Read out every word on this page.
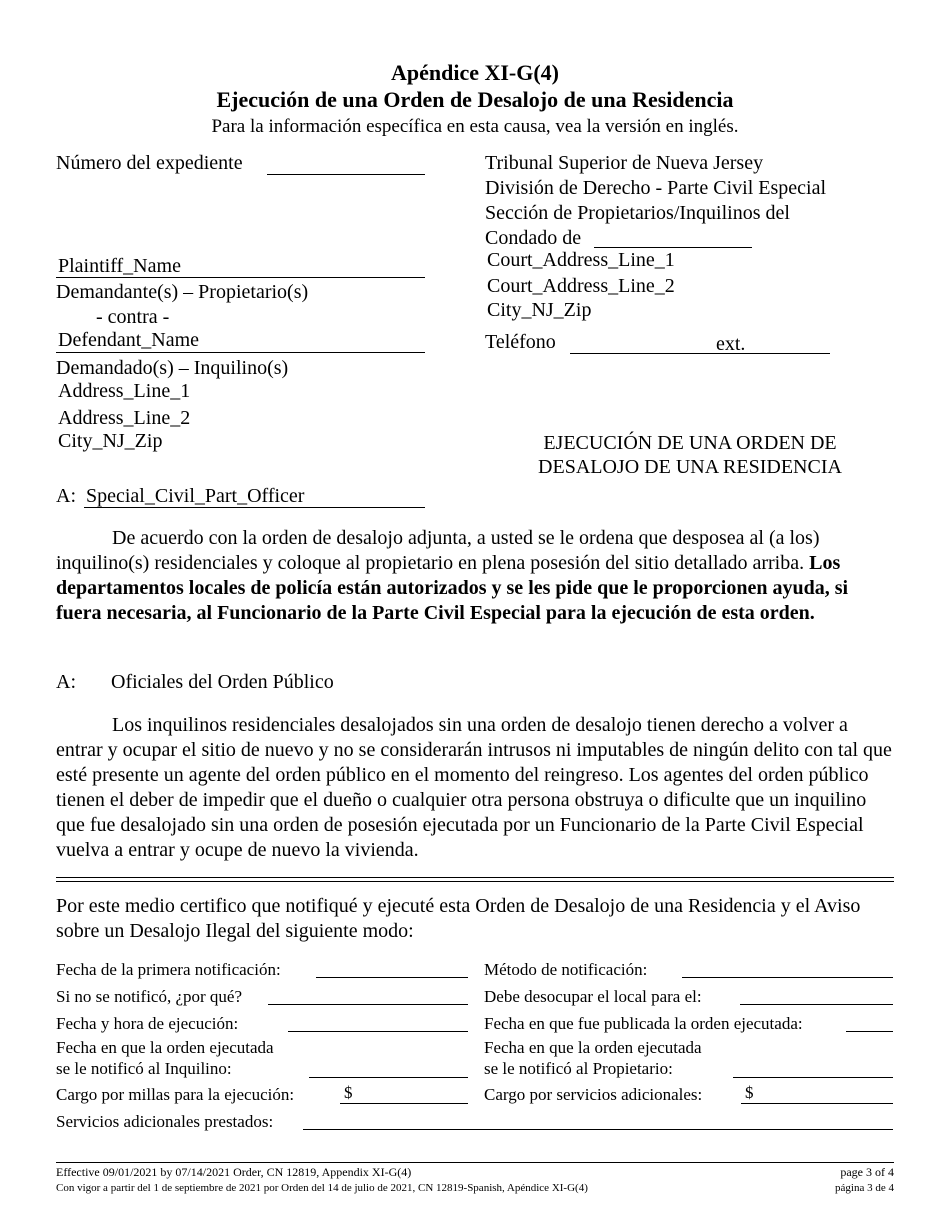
Apéndice XI-G(4)
Ejecución de una Orden de Desalojo de una Residencia
Para la información específica en esta causa, vea la versión en inglés.
Número del expediente
Plaintiff_Name
Demandante(s) – Propietario(s)
- contra -
Defendant_Name
Demandado(s) – Inquilino(s)
Address_Line_1
Address_Line_2
City_NJ_Zip
A: Special_Civil_Part_Officer
Tribunal Superior de Nueva Jersey
División de Derecho - Parte Civil Especial
Sección de Propietarios/Inquilinos del
Condado de
Court_Address_Line_1
Court_Address_Line_2
City_NJ_Zip
Teléfono	ext.
EJECUCIÓN DE UNA ORDEN DE
DESALOJO DE UNA RESIDENCIA

De acuerdo con la orden de desalojo adjunta, a usted se le ordena que desposea al (a los) inquilino(s) residenciales y coloque al propietario en plena posesión del sitio detallado arriba. Los departamentos locales de policía están autorizados y se les pide que le proporcionen ayuda, si fuera necesaria, al Funcionario de la Parte Civil Especial para la ejecución de esta orden.

A: Oficiales del Orden Público

Los inquilinos residenciales desalojados sin una orden de desalojo tienen derecho a volver a entrar y ocupar el sitio de nuevo y no se considerarán intrusos ni imputables de ningún delito con tal que esté presente un agente del orden público en el momento del reingreso. Los agentes del orden público tienen el deber de impedir que el dueño o cualquier otra persona obstruya o dificulte que un inquilino que fue desalojado sin una orden de posesión ejecutada por un Funcionario de la Parte Civil Especial vuelva a entrar y ocupe de nuevo la vivienda.

Por este medio certifico que notifiqué y ejecuté esta Orden de Desalojo de una Residencia y el Aviso sobre un Desalojo Ilegal del siguiente modo:

Fecha de la primera notificación:	Método de notificación:
Si no se notificó, ¿por qué?	Debe desocupar el local para el:
Fecha y hora de ejecución:	Fecha en que fue publicada la orden ejecutada:
Fecha en que la orden ejecutada
se le notificó al Inquilino:
Fecha en que la orden ejecutada
se le notificó al Propietario:
Cargo por millas para la ejecución:	$	Cargo por servicios adicionales:	$
Servicios adicionales prestados:
Effective 09/01/2021 by 07/14/2021 Order, CN 12819, Appendix XI-G(4)
Con vigor a partir del 1 de septiembre de 2021 por Orden del 14 de julio de 2021, CN 12819-Spanish, Apéndice XI-G(4)
page 3 of 4
página 3 de 4
